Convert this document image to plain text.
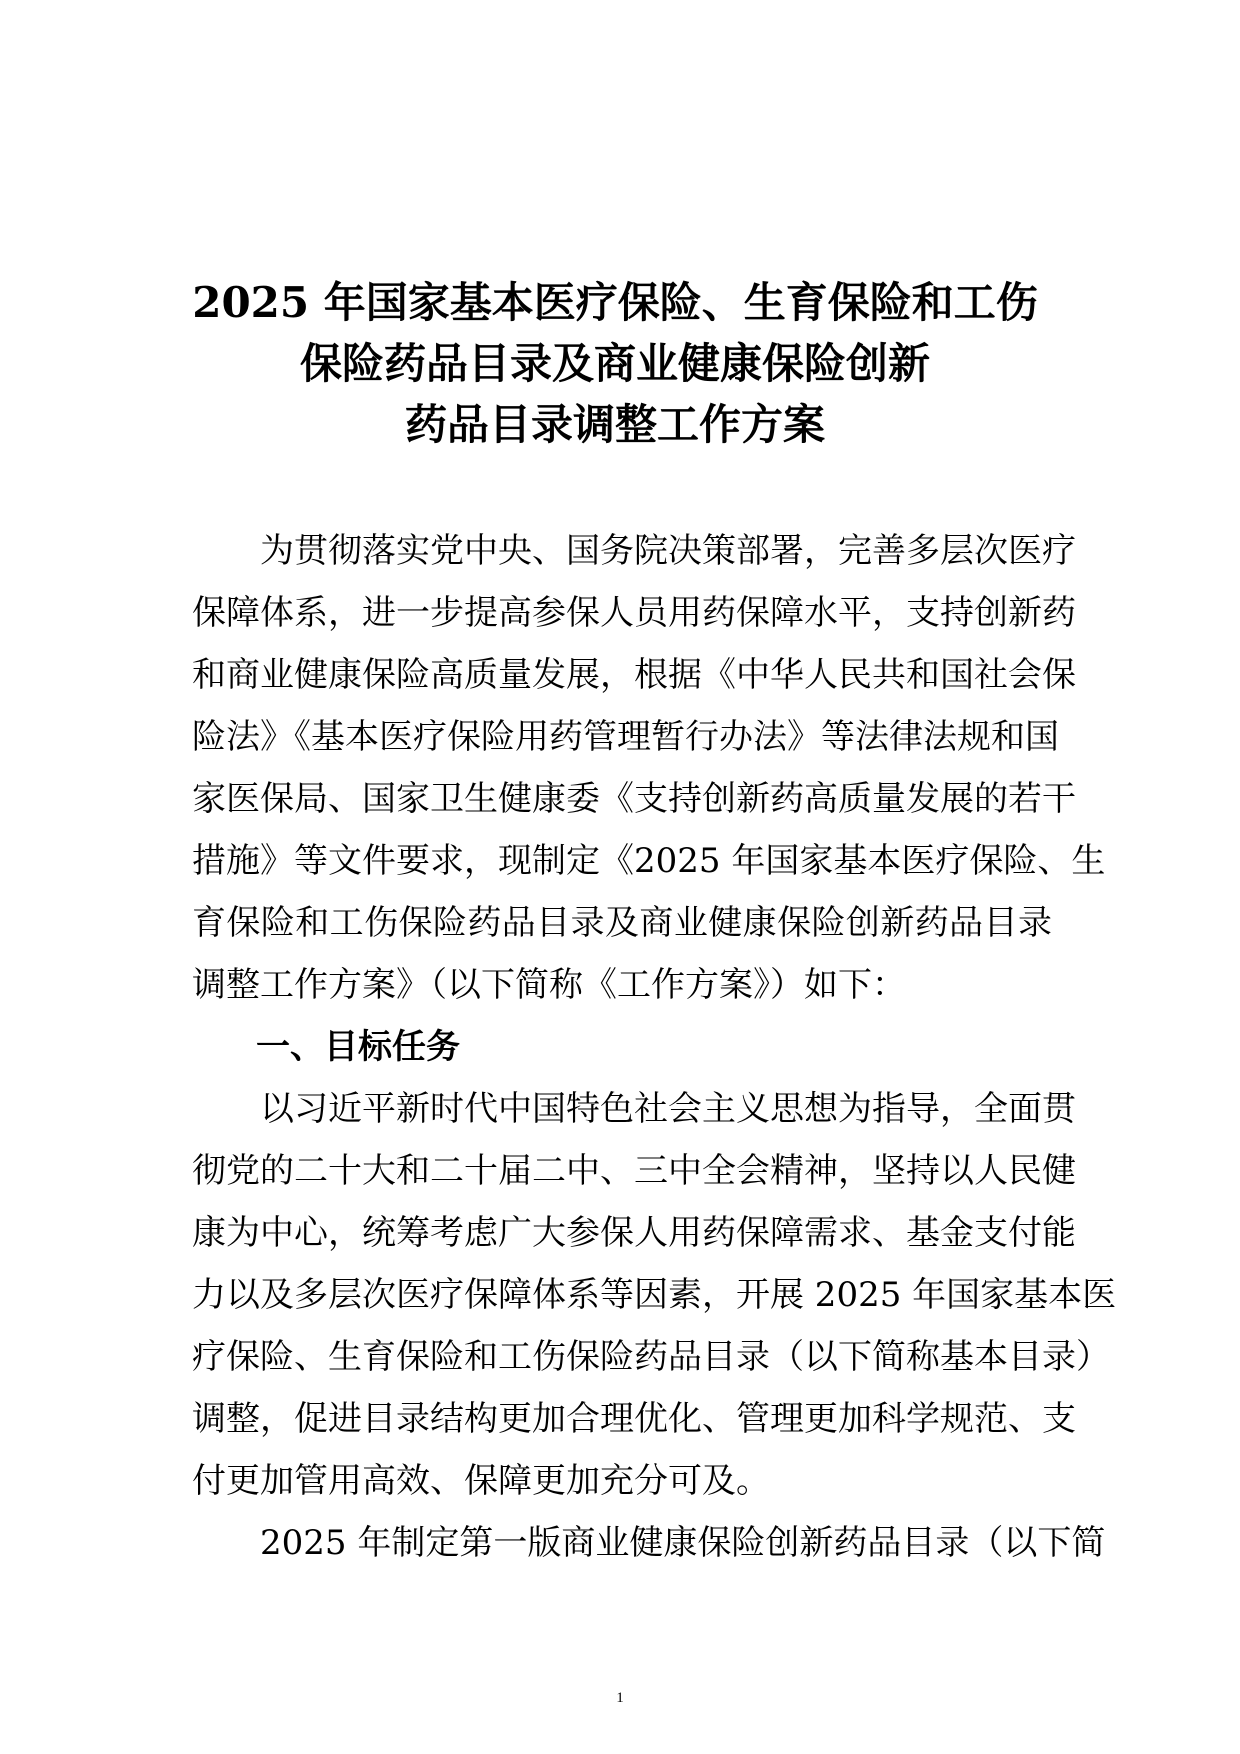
2025 年国家基本医疗保险、生育保险和工伤
保险药品目录及商业健康保险创新
药品目录调整工作方案
为贯彻落实党中央、国务院决策部署，完善多层次医疗
保障体系，进一步提高参保人员用药保障水平，支持创新药
和商业健康保险高质量发展，根据《中华人民共和国社会保
险法》《基本医疗保险用药管理暂行办法》等法律法规和国
家医保局、国家卫生健康委《支持创新药高质量发展的若干
措施》等文件要求，现制定《2025 年国家基本医疗保险、生
育保险和工伤保险药品目录及商业健康保险创新药品目录
调整工作方案》（以下简称《工作方案》）如下：
一、目标任务
以习近平新时代中国特色社会主义思想为指导，全面贯
彻党的二十大和二十届二中、三中全会精神，坚持以人民健
康为中心，统筹考虑广大参保人用药保障需求、基金支付能
力以及多层次医疗保障体系等因素，开展 2025 年国家基本医
疗保险、生育保险和工伤保险药品目录（以下简称基本目录）
调整，促进目录结构更加合理优化、管理更加科学规范、支
付更加管用高效、保障更加充分可及。
2025 年制定第一版商业健康保险创新药品目录（以下简
1
